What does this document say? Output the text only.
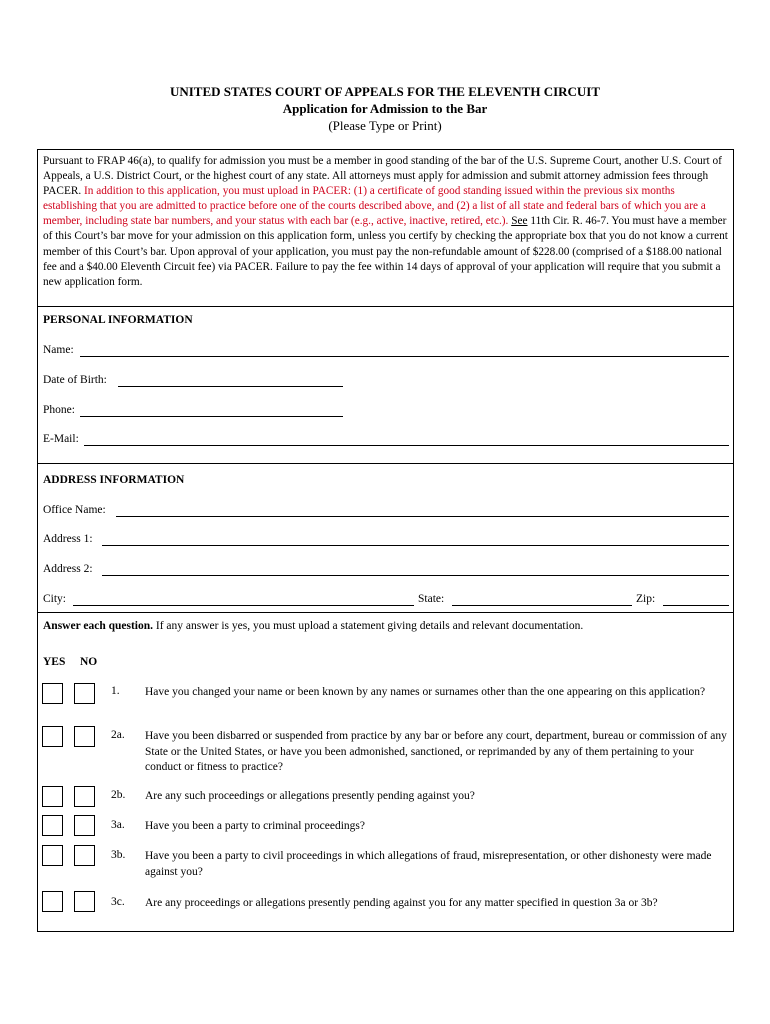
UNITED STATES COURT OF APPEALS FOR THE ELEVENTH CIRCUIT
Application for Admission to the Bar
(Please Type or Print)
Pursuant to FRAP 46(a), to qualify for admission you must be a member in good standing of the bar of the U.S. Supreme Court, another U.S. Court of Appeals, a U.S. District Court, or the highest court of any state. All attorneys must apply for admission and submit attorney admission fees through PACER. In addition to this application, you must upload in PACER: (1) a certificate of good standing issued within the previous six months establishing that you are admitted to practice before one of the courts described above, and (2) a list of all state and federal bars of which you are a member, including state bar numbers, and your status with each bar (e.g., active, inactive, retired, etc.). See 11th Cir. R. 46-7. You must have a member of this Court’s bar move for your admission on this application form, unless you certify by checking the appropriate box that you do not know a current member of this Court’s bar. Upon approval of your application, you must pay the non-refundable amount of $228.00 (comprised of a $188.00 national fee and a $40.00 Eleventh Circuit fee) via PACER. Failure to pay the fee within 14 days of approval of your application will require that you submit a new application form.
PERSONAL INFORMATION
Name:
Date of Birth:
Phone:
E-Mail:
ADDRESS INFORMATION
Office Name:
Address 1:
Address 2:
City:	State:	Zip:
Answer each question. If any answer is yes, you must upload a statement giving details and relevant documentation.
YES NO
1. Have you changed your name or been known by any names or surnames other than the one appearing on this application?
2a. Have you been disbarred or suspended from practice by any bar or before any court, department, bureau or commission of any State or the United States, or have you been admonished, sanctioned, or reprimanded by any of them pertaining to your conduct or fitness to practice?
2b. Are any such proceedings or allegations presently pending against you?
3a. Have you been a party to criminal proceedings?
3b. Have you been a party to civil proceedings in which allegations of fraud, misrepresentation, or other dishonesty were made against you?
3c. Are any proceedings or allegations presently pending against you for any matter specified in question 3a or 3b?
